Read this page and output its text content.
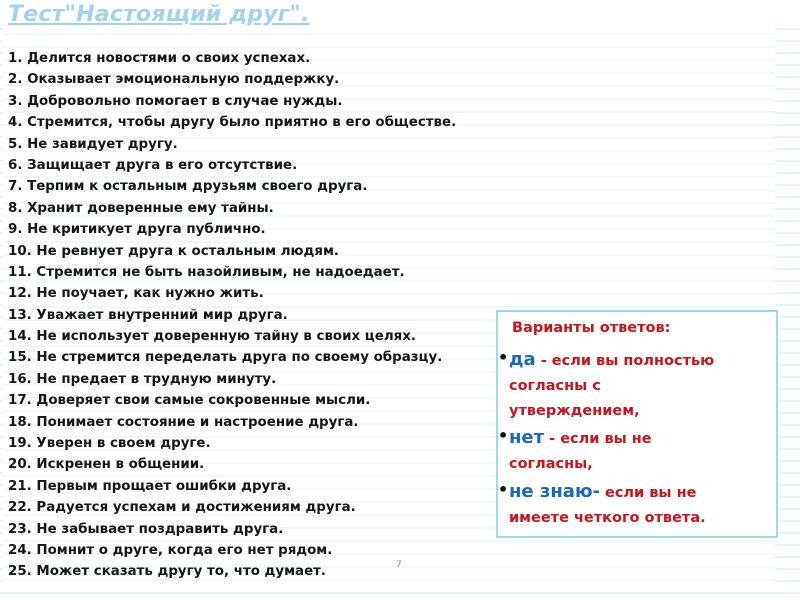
Тест"Настоящий друг".
1. Делится новостями о своих успехах.
2. Оказывает эмоциональную поддержку.
3. Добровольно помогает в случае нужды.
4. Стремится, чтобы другу было приятно в его обществе.
5. Не завидует другу.
6. Защищает друга в его отсутствие.
7. Терпим к остальным друзьям своего друга.
8. Хранит доверенные ему тайны.
9. Не критикует друга публично.
10. Не ревнует друга к остальным людям.
11. Стремится не быть назойливым, не надоедает.
12. Не поучает, как нужно жить.
13. Уважает внутренний мир друга.
14. Не использует доверенную тайну в своих целях.
15. Не стремится переделать друга по своему образцу.
16. Не предает в трудную минуту.
17. Доверяет свои самые сокровенные мысли.
18. Понимает состояние и настроение друга.
19. Уверен в своем друге.
20. Искренен в общении.
21. Первым прощает ошибки друга.
22. Радуется успехам и достижениям друга.
23. Не забывает поздравить друга.
24. Помнит о друге, когда его нет рядом.
25. Может сказать другу то, что думает.
Варианты ответов:
• да - если вы полностью

согласны с

утверждением,

• нет - если вы не

согласны,

• не знаю- если вы не

имеете четкого ответа.

7
